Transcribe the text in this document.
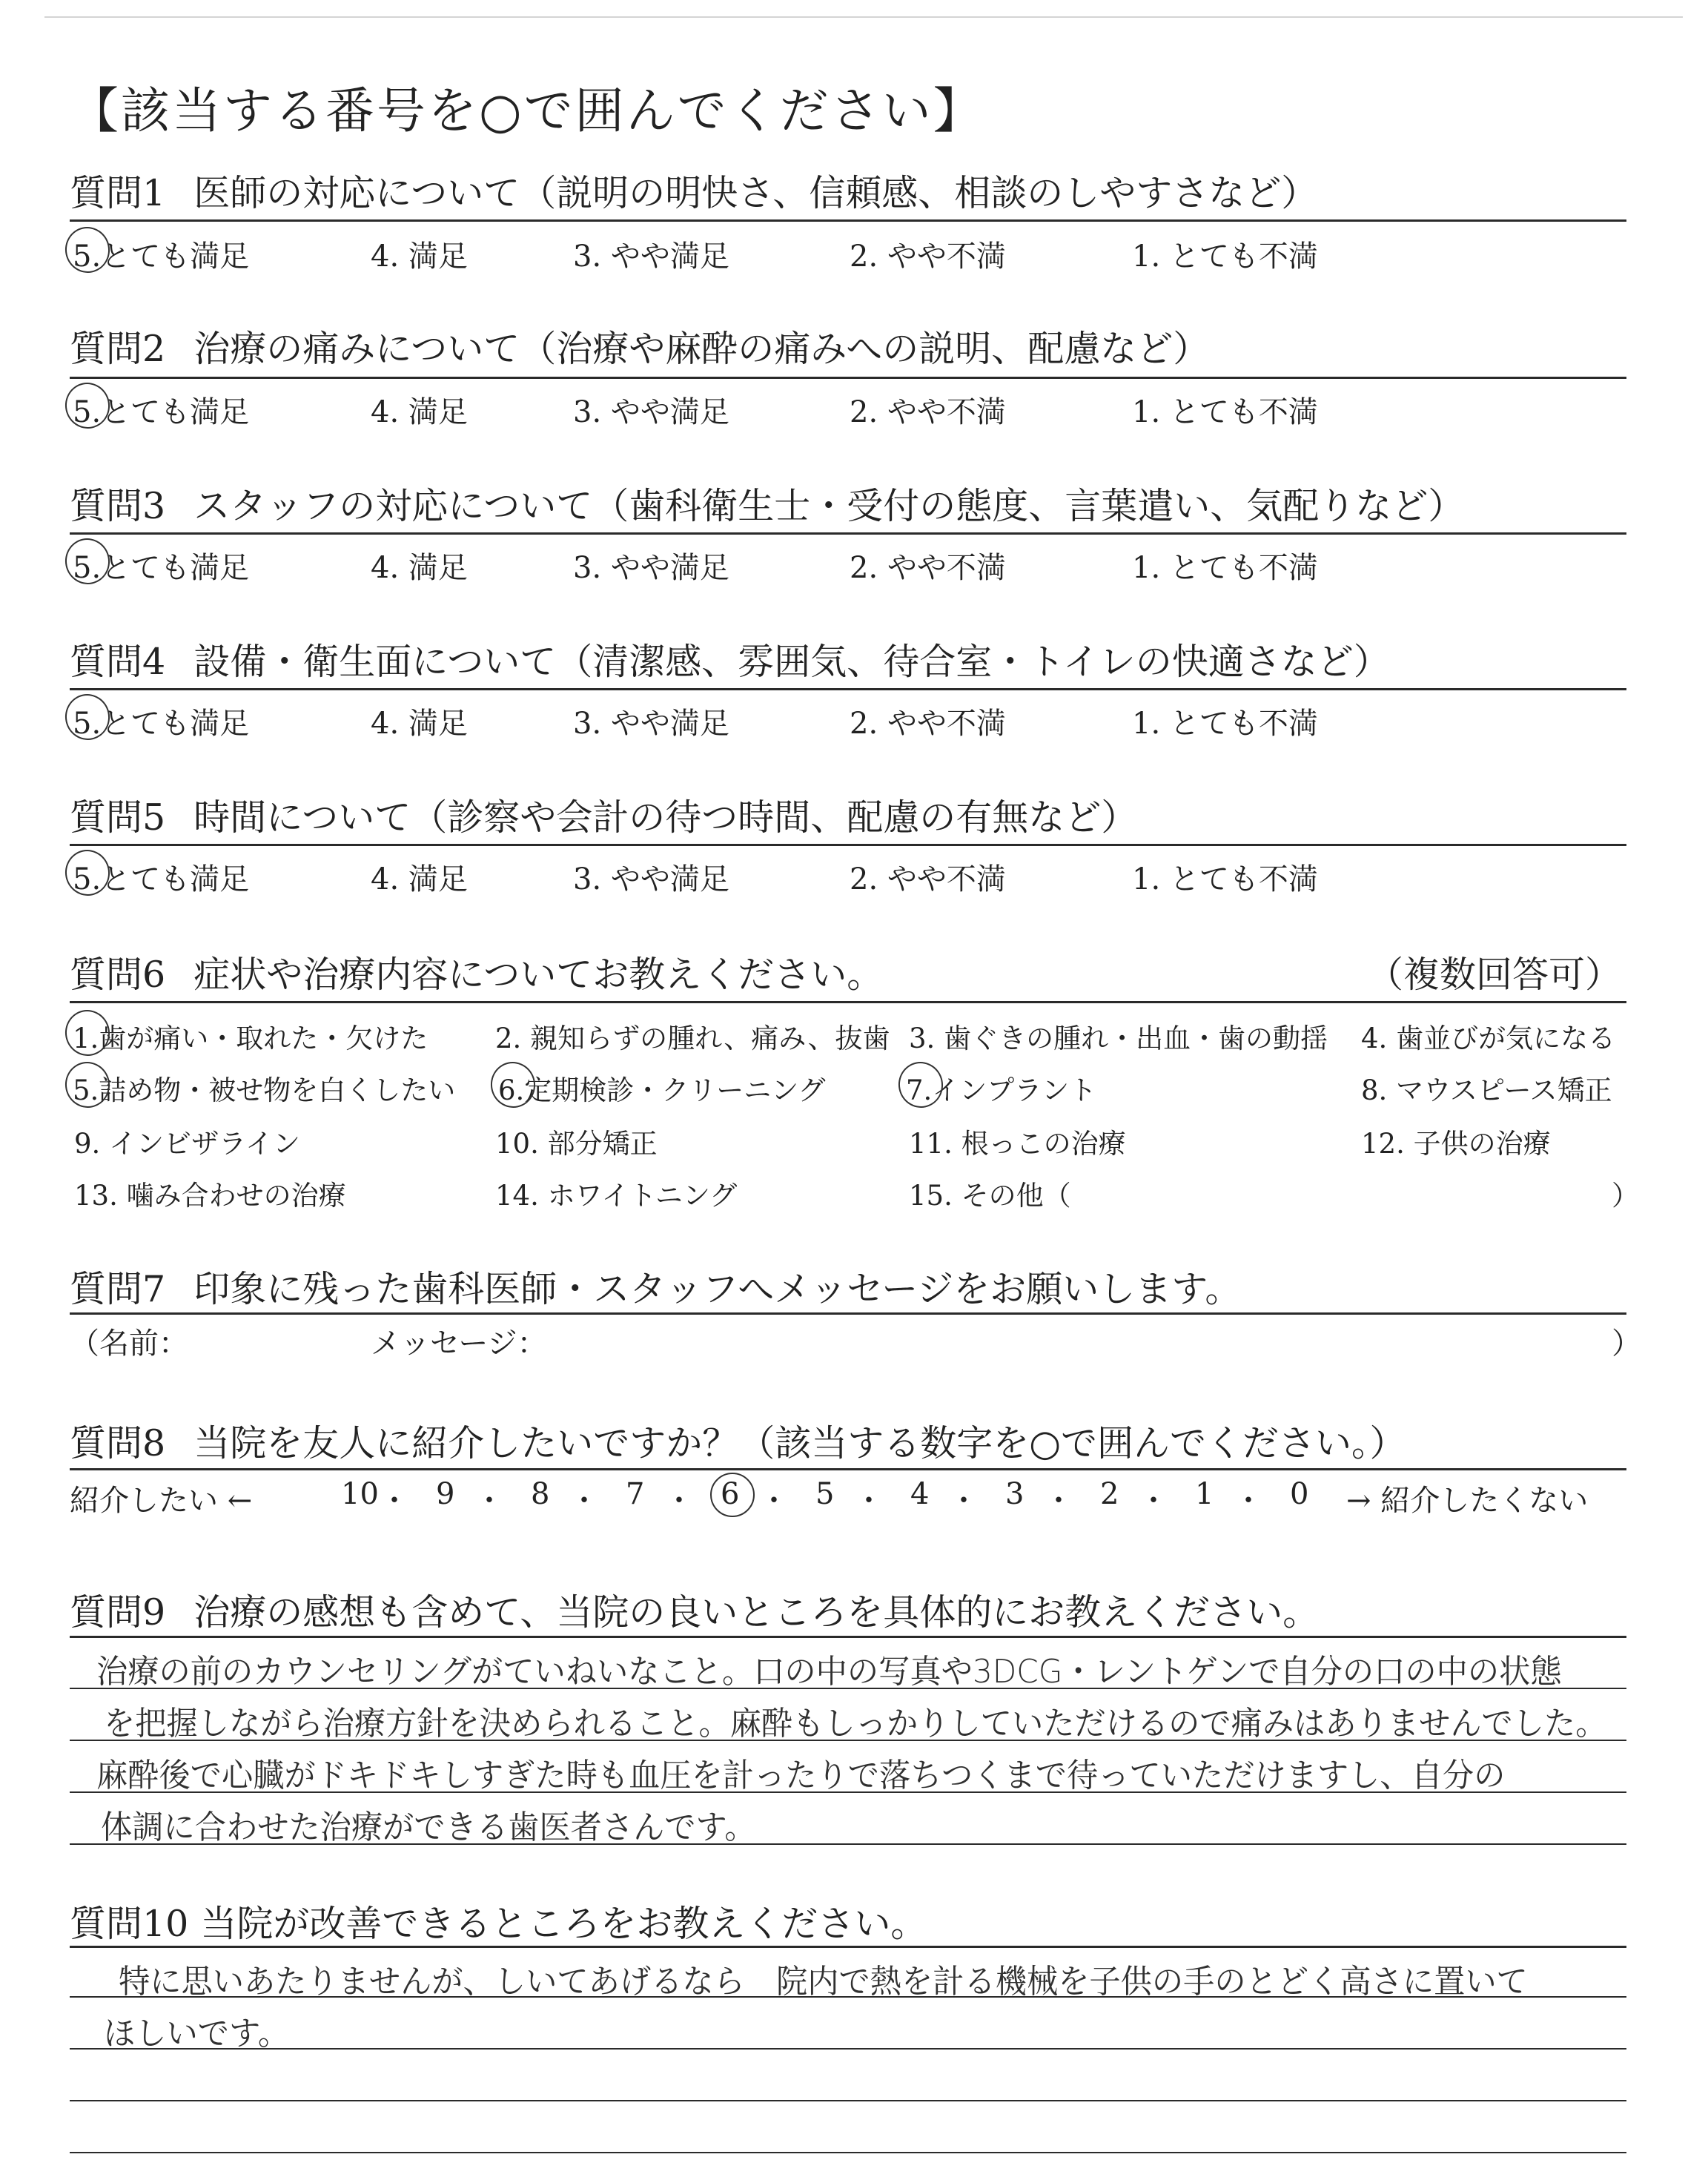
【該当する番号を○で囲んでください】
質問1 医師の対応について（説明の明快さ、信頼感、相談のしやすさなど）
5.とても満足	4. 満足	3. やや満足	2. やや不満	1. とても不満
質問2 治療の痛みについて（治療や麻酔の痛みへの説明、配慮など）
5.とても満足	4. 満足	3. やや満足	2. やや不満	1. とても不満
質問3 スタッフの対応について（歯科衛生士・受付の態度、言葉遣い、気配りなど）
5.とても満足	4. 満足	3. やや満足	2. やや不満	1. とても不満
質問4 設備・衛生面について（清潔感、雰囲気、待合室・トイレの快適さなど）
5.とても満足	4. 満足	3. やや満足	2. やや不満	1. とても不満
質問5 時間について（診察や会計の待つ時間、配慮の有無など）
5.とても満足	4. 満足	3. やや満足	2. やや不満	1. とても不満
質問6 症状や治療内容についてお教えください。	（複数回答可）
1.歯が痛い・取れた・欠けた 2. 親知らずの腫れ、痛み、抜歯 3. 歯ぐきの腫れ・出血・歯の動揺 4. 歯並びが気になる
5.詰め物・被せ物を白くしたい 6.定期検診・クリーニング	7.インプラント	8. マウスピース矯正
9. インビザライン	10. 部分矯正	11. 根っこの治療	12. 子供の治療
13. 噛み合わせの治療	14. ホワイトニング	15. その他（	）
質問7 印象に残った歯科医師・スタッフへメッセージをお願いします。
（名前：	メッセージ：	）
質問8 当院を友人に紹介したいですか？（該当する数字を○で囲んでください。）
紹介したい ←	10 ・ 9 ・ 8 ・ 7 ・ 6 ・ 5 ・ 4 ・ 3 ・ 2 ・ 1 ・ 0 → 紹介したくない
質問9 治療の感想も含めて、当院の良いところを具体的にお教えください。
治療の前のカウンセリングがていねいなこと。口の中の写真や3DCG・レントゲンで自分の口の中の状態
を把握しながら治療方針を決められること。麻酔もしっかりしていただけるので痛みはありませんでした。
麻酔後で心臓がドキドキしすぎた時も血圧を計ったりで落ちつくまで待っていただけますし、自分の
体調に合わせた治療ができる歯医者さんです。
質問10 当院が改善できるところをお教えください。
特に思いあたりませんが、しいてあげるなら　院内で熱を計る機械を子供の手のとどく高さに置いて
ほしいです。
